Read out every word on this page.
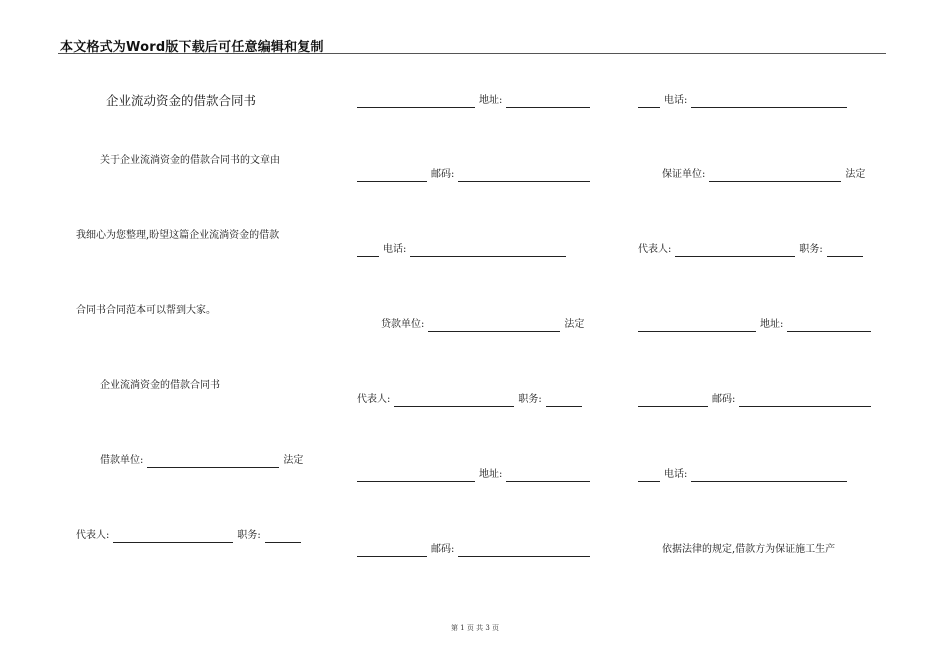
本文格式为Word版下载后可任意编辑和复制
企业流动资金的借款合同书
关于企业流淌资金的借款合同书的文章由
我细心为您整理,盼望这篇企业流淌资金的借款
合同书合同范本可以帮到大家。
企业流淌资金的借款合同书
借款单位:	法定
代表人:	职务:
地址:
邮码:
电话:
贷款单位:	法定
代表人:	职务:
地址:
邮码:
电话:
保证单位:	法定
代表人:	职务:
地址:
邮码:
电话:
依据法律的规定,借款方为保证施工生产
第 1 页 共 3 页
